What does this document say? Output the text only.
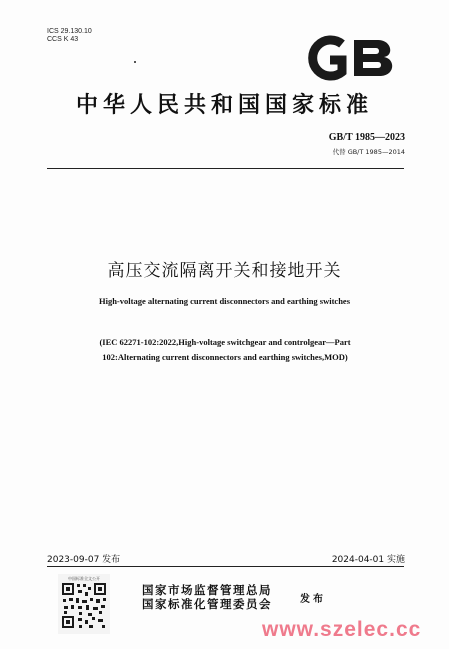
ICS 29.130.10
CCS K 43
GB
中华人民共和国国家标准
GB/T 1985—2023
代替 GB/T 1985—2014
高压交流隔离开关和接地开关
High-voltage alternating current disconnectors and earthing switches
(IEC 62271-102:2022,High-voltage switchgear and controlgear—Part
102:Alternating current disconnectors and earthing switches,MOD)
2023-09-07 发布	2024-04-01 实施
中国标准全文公开
国家市场监督管理总局
国家标准化管理委员会	发布
www.szelec.cc
